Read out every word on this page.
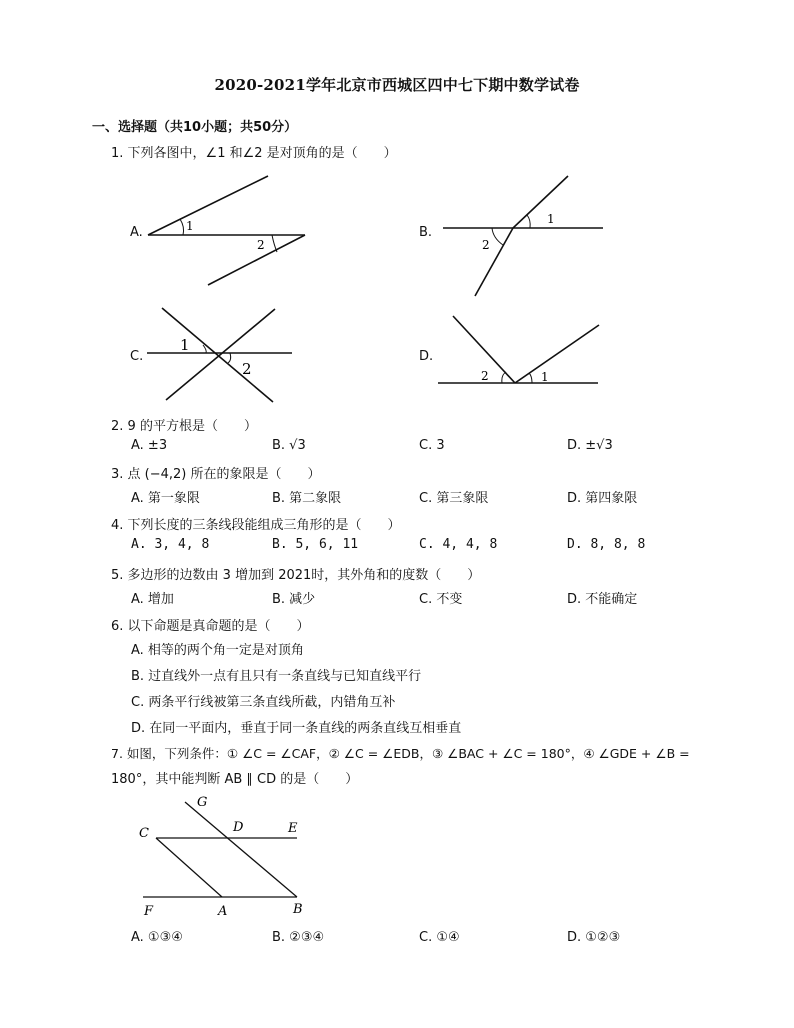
2020-2021学年北京市西城区四中七下期中数学试卷
一、选择题（共10小题；共50分）
1. 下列各图中，∠1 和∠2 是对顶角的是（　　）
A.	1
2
B.
1
2
C.
1
2
D.
2	1
2. 9 的平方根是（　　）
A. ±3	B. √3	C. 3	D. ±√3
3. 点 (−4,2) 所在的象限是（　　）
A. 第一象限	B. 第二象限	C. 第三象限	D. 第四象限
4. 下列长度的三条线段能组成三角形的是（　　）
A. 3, 4, 8	B. 5, 6, 11	C. 4, 4, 8	D. 8, 8, 8
5. 多边形的边数由 3 增加到 2021时，其外角和的度数（　　）
A. 增加	B. 减少	C. 不变	D. 不能确定
6. 以下命题是真命题的是（　　）
A. 相等的两个角一定是对顶角
B. 过直线外一点有且只有一条直线与已知直线平行
C. 两条平行线被第三条直线所截，内错角互补
D. 在同一平面内，垂直于同一条直线的两条直线互相垂直
7. 如图，下列条件：① ∠C = ∠CAF，② ∠C = ∠EDB，③ ∠BAC + ∠C = 180°，④ ∠GDE + ∠B =
180°，其中能判断 AB ∥ CD 的是（　　）
G
C	D	E
F	A	B
A. ①③④	B. ②③④	C. ①④	D. ①②③
